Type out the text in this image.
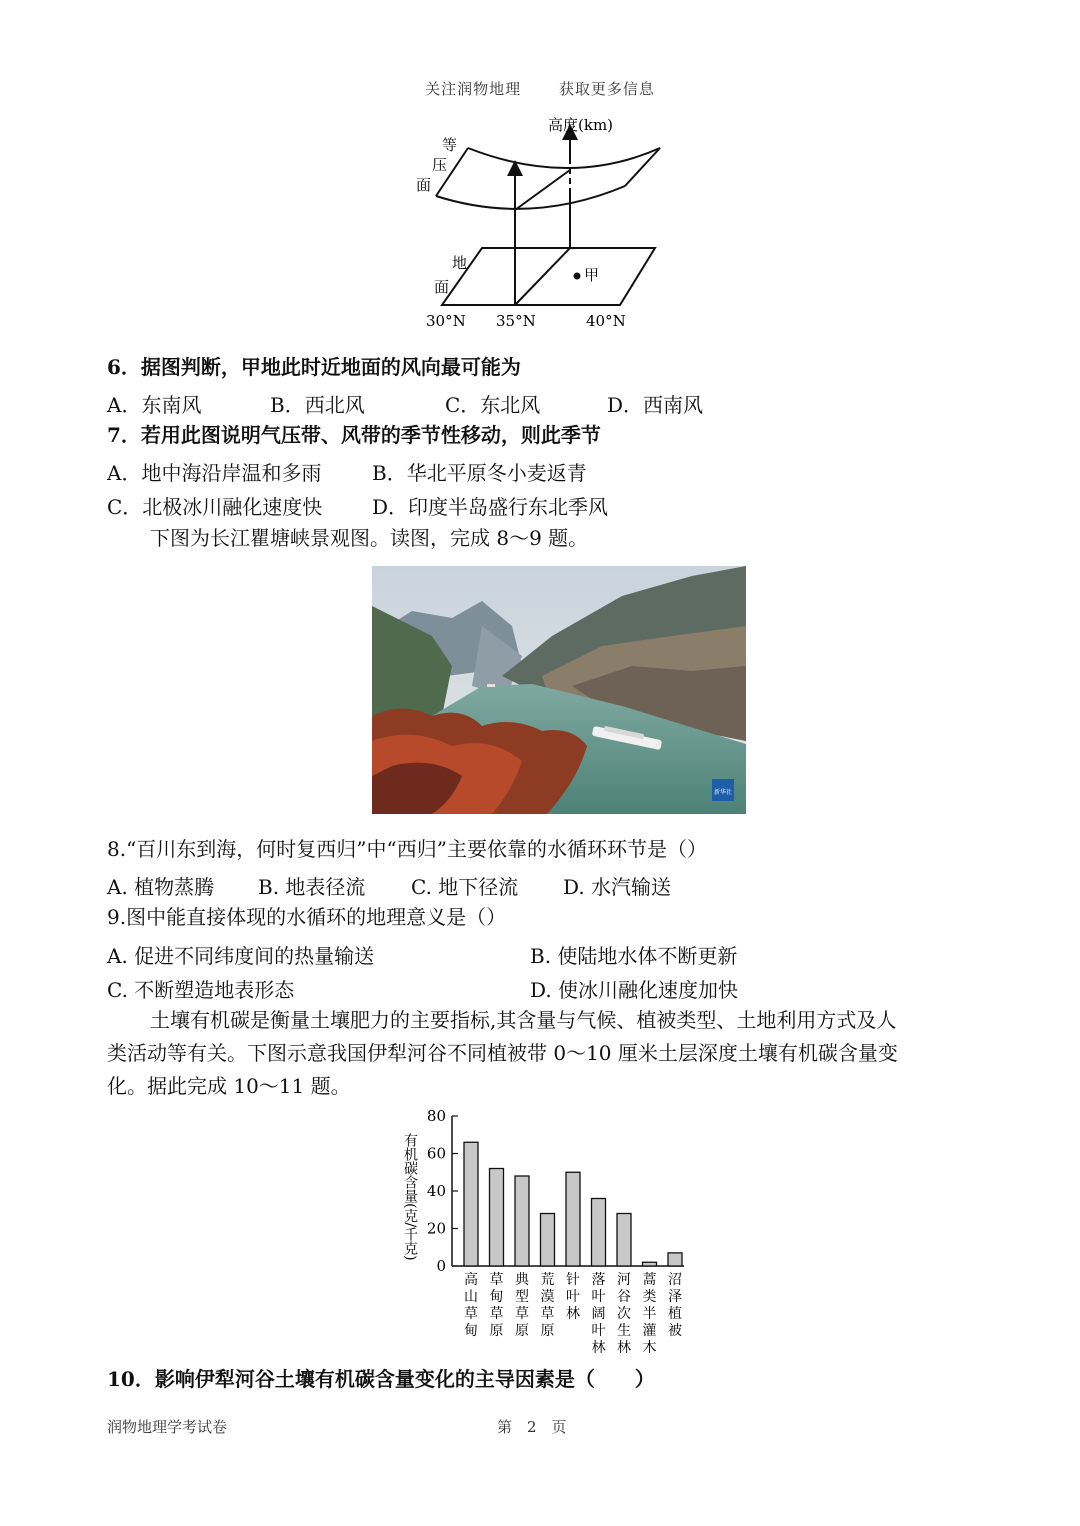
关注润物地理	获取更多信息
甲
高度(km)
等
压
面
地
面
30°N 35°N	40°N
6．据图判断，甲地此时近地面的风向最可能为
A．东南风	B．西北风	C．东北风	D．西南风
7．若用此图说明气压带、风带的季节性移动，则此季节
A．地中海沿岸温和多雨	B．华北平原冬小麦返青
C．北极冰川融化速度快 D．印度半岛盛行东北季风
下图为长江瞿塘峡景观图。读图，完成 8～9 题。
新华社
8.“百川东到海，何时复西归”中“西归”主要依靠的水循环环节是（）
A. 植物蒸腾 B. 地表径流 C. 地下径流 D. 水汽输送
9.图中能直接体现的水循环的地理意义是（）
A. 促进不同纬度间的热量输送	B. 使陆地水体不断更新
C. 不断塑造地表形态	D. 使冰川融化速度加快
土壤有机碳是衡量土壤肥力的主要指标,其含量与气候、植被类型、土地利用方式及人
类活动等有关。下图示意我国伊犁河谷不同植被带 0～10 厘米土层深度土壤有机碳含量变
化。据此完成 10～11 题。
有机碳含量(克/千克)
0
20
40
60
80
高山草甸
草甸草原
典型草原
荒漠草原
针叶林
落叶阔叶林
河谷次生林
蒿类半灌木
沼泽植被
10．影响伊犁河谷土壤有机碳含量变化的主导因素是（　　）
润物地理学考试卷	第　2　页
